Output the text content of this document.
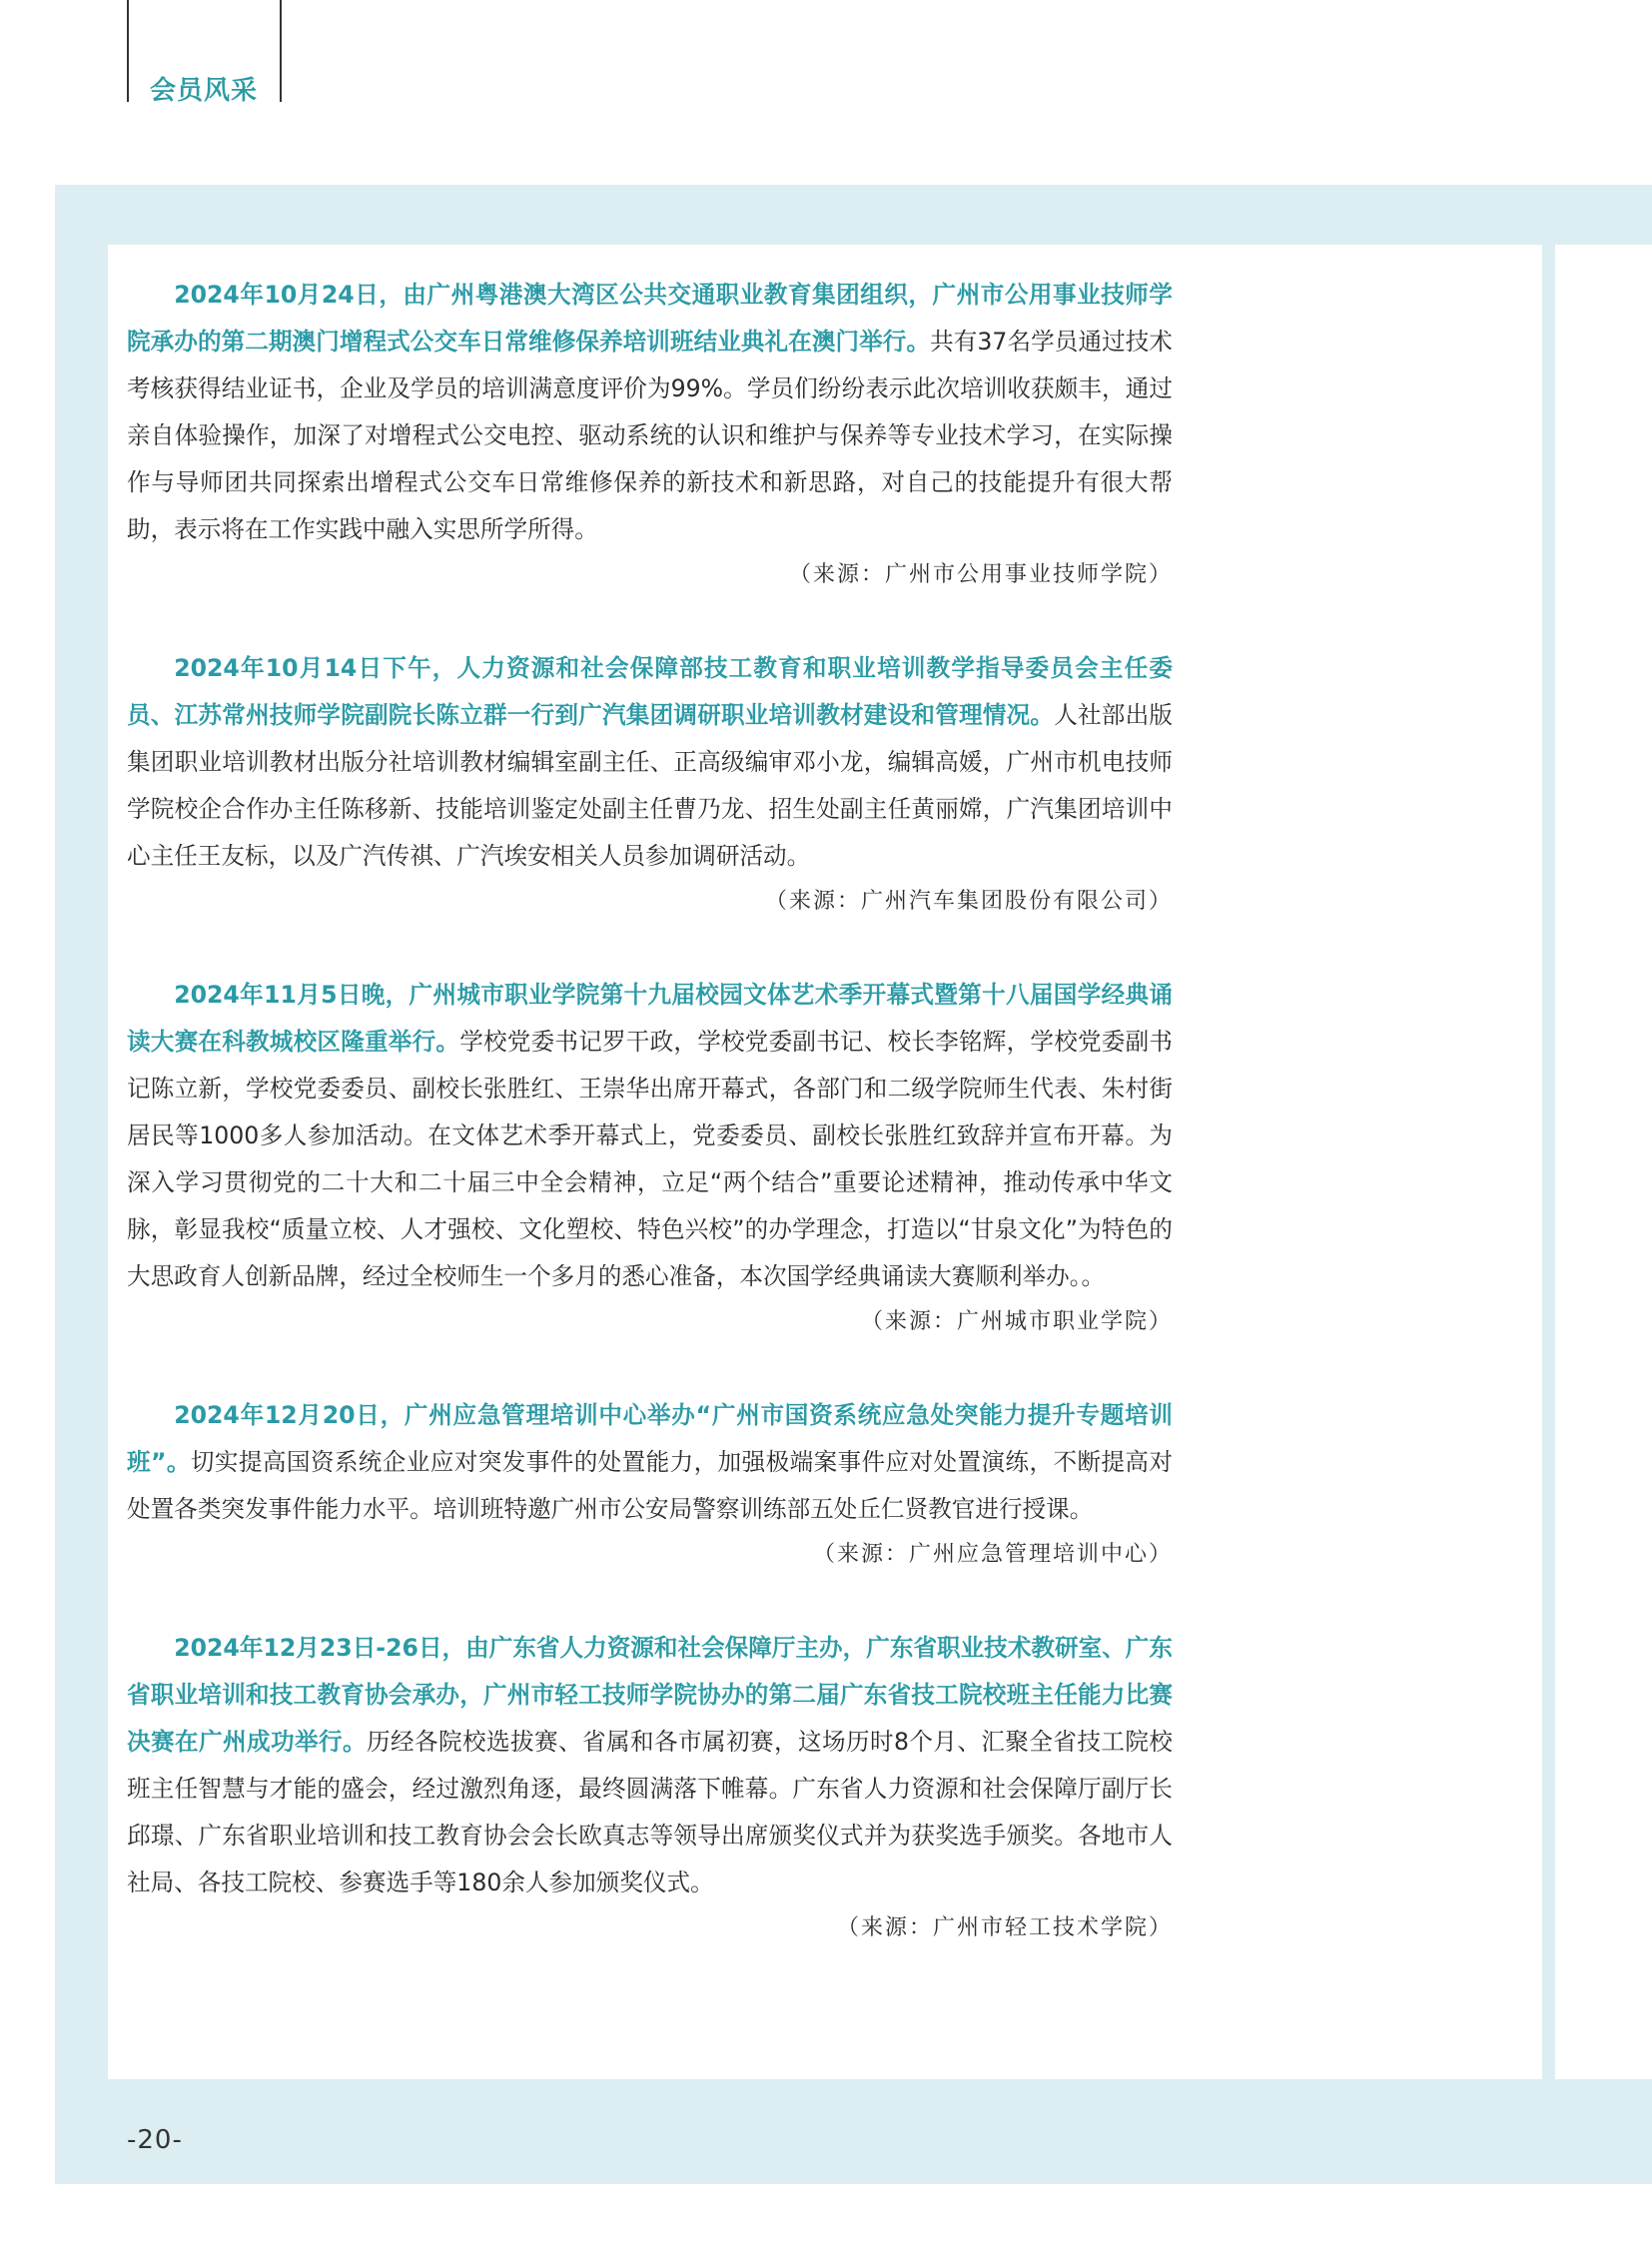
会员风采

2024年10月24日，由广州粤港澳大湾区公共交通职业教育集团组织，广州市公用事业技师学院承办的第二期澳门增程式公交车日常维修保养培训班结业典礼在澳门举行。共有37名学员通过技术考核获得结业证书，企业及学员的培训满意度评价为99%。学员们纷纷表示此次培训收获颇丰，通过亲自体验操作，加深了对增程式公交电控、驱动系统的认识和维护与保养等专业技术学习，在实际操作与导师团共同探索出增程式公交车日常维修保养的新技术和新思路，对自己的技能提升有很大帮助，表示将在工作实践中融入实思所学所得。

（来源：广州市公用事业技师学院）

2024年10月14日下午，人力资源和社会保障部技工教育和职业培训教学指导委员会主任委员、江苏常州技师学院副院长陈立群一行到广汽集团调研职业培训教材建设和管理情况。人社部出版集团职业培训教材出版分社培训教材编辑室副主任、正高级编审邓小龙，编辑高媛，广州市机电技师学院校企合作办主任陈移新、技能培训鉴定处副主任曹乃龙、招生处副主任黄丽嫦，广汽集团培训中心主任王友标，以及广汽传祺、广汽埃安相关人员参加调研活动。

（来源：广州汽车集团股份有限公司）

2024年11月5日晚，广州城市职业学院第十九届校园文体艺术季开幕式暨第十八届国学经典诵读大赛在科教城校区隆重举行。学校党委书记罗干政，学校党委副书记、校长李铭辉，学校党委副书记陈立新，学校党委委员、副校长张胜红、王崇华出席开幕式，各部门和二级学院师生代表、朱村街居民等1000多人参加活动。在文体艺术季开幕式上，党委委员、副校长张胜红致辞并宣布开幕。为深入学习贯彻党的二十大和二十届三中全会精神，立足“两个结合”重要论述精神，推动传承中华文脉，彰显我校“质量立校、人才强校、文化塑校、特色兴校”的办学理念，打造以“甘泉文化”为特色的大思政育人创新品牌，经过全校师生一个多月的悉心准备，本次国学经典诵读大赛顺利举办。。

（来源：广州城市职业学院）

2024年12月20日，广州应急管理培训中心举办“广州市国资系统应急处突能力提升专题培训班”。切实提高国资系统企业应对突发事件的处置能力，加强极端案事件应对处置演练，不断提高对处置各类突发事件能力水平。培训班特邀广州市公安局警察训练部五处丘仁贤教官进行授课。

（来源：广州应急管理培训中心）

2024年12月23日-26日，由广东省人力资源和社会保障厅主办，广东省职业技术教研室、广东省职业培训和技工教育协会承办，广州市轻工技师学院协办的第二届广东省技工院校班主任能力比赛决赛在广州成功举行。历经各院校选拔赛、省属和各市属初赛，这场历时8个月、汇聚全省技工院校班主任智慧与才能的盛会，经过激烈角逐，最终圆满落下帷幕。广东省人力资源和社会保障厅副厅长邱璟、广东省职业培训和技工教育协会会长欧真志等领导出席颁奖仪式并为获奖选手颁奖。各地市人社局、各技工院校、参赛选手等180余人参加颁奖仪式。

（来源：广州市轻工技术学院）

-20-
